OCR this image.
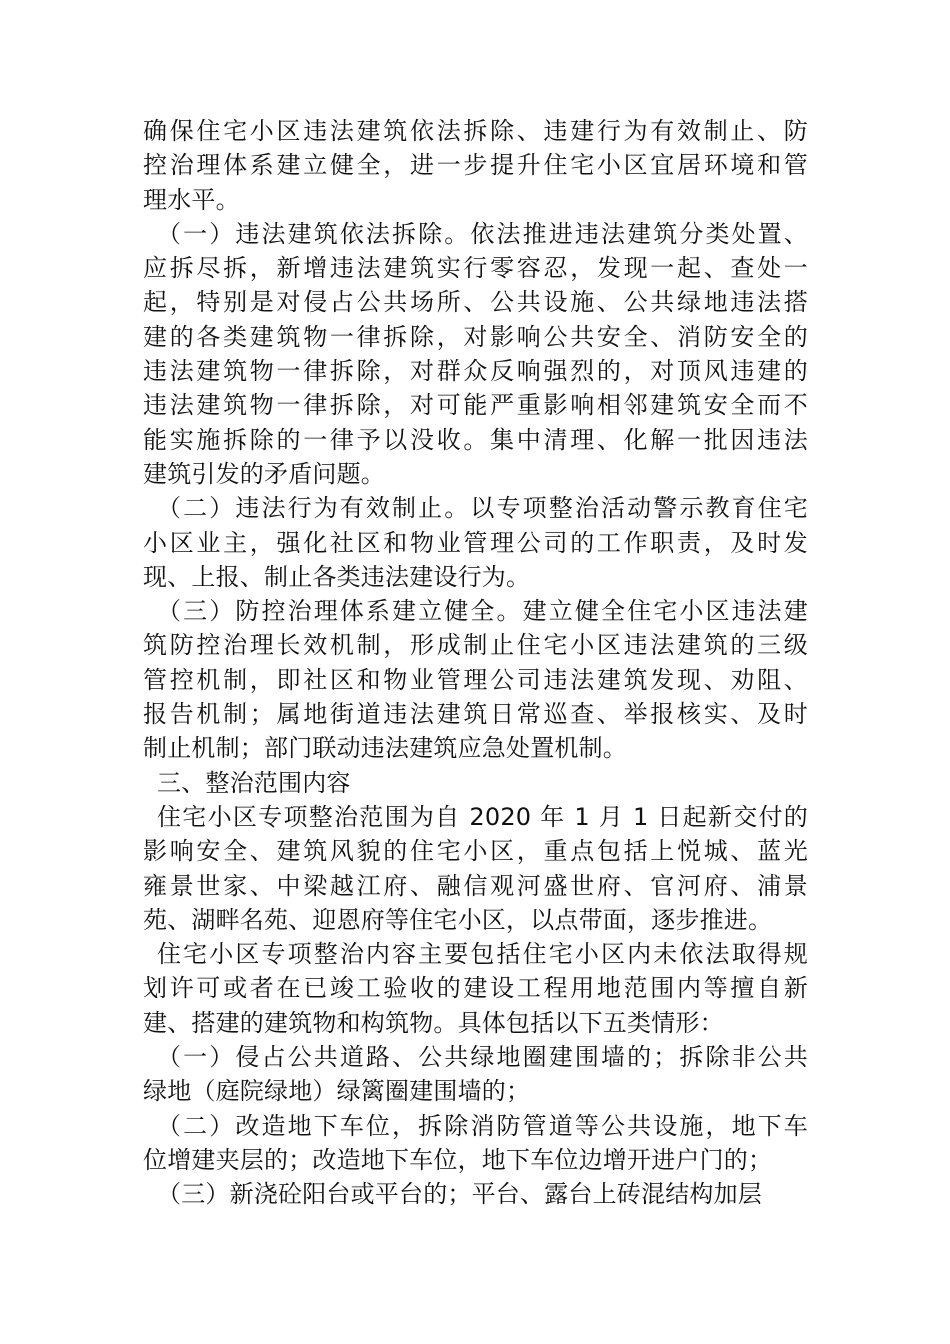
确保住宅小区违法建筑依法拆除、违建行为有效制止、防
控治理体系建立健全，进一步提升住宅小区宜居环境和管
理水平。
（一）违法建筑依法拆除。依法推进违法建筑分类处置、
应拆尽拆，新增违法建筑实行零容忍，发现一起、查处一
起，特别是对侵占公共场所、公共设施、公共绿地违法搭
建的各类建筑物一律拆除，对影响公共安全、消防安全的
违法建筑物一律拆除，对群众反响强烈的，对顶风违建的
违法建筑物一律拆除，对可能严重影响相邻建筑安全而不
能实施拆除的一律予以没收。集中清理、化解一批因违法
建筑引发的矛盾问题。
（二）违法行为有效制止。以专项整治活动警示教育住宅
小区业主，强化社区和物业管理公司的工作职责，及时发
现、上报、制止各类违法建设行为。
（三）防控治理体系建立健全。建立健全住宅小区违法建
筑防控治理长效机制，形成制止住宅小区违法建筑的三级
管控机制，即社区和物业管理公司违法建筑发现、劝阻、
报告机制；属地街道违法建筑日常巡查、举报核实、及时
制止机制；部门联动违法建筑应急处置机制。
三、整治范围内容
住宅小区专项整治范围为自 2020 年 1 月 1 日起新交付的
影响安全、建筑风貌的住宅小区，重点包括上悦城、蓝光
雍景世家、中梁越江府、融信观河盛世府、官河府、浦景
苑、湖畔名苑、迎恩府等住宅小区，以点带面，逐步推进。
住宅小区专项整治内容主要包括住宅小区内未依法取得规
划许可或者在已竣工验收的建设工程用地范围内等擅自新
建、搭建的建筑物和构筑物。具体包括以下五类情形：
（一）侵占公共道路、公共绿地圈建围墙的；拆除非公共
绿地（庭院绿地）绿篱圈建围墙的；
（二）改造地下车位，拆除消防管道等公共设施，地下车
位增建夹层的；改造地下车位，地下车位边增开进户门的；
（三）新浇砼阳台或平台的；平台、露台上砖混结构加层
